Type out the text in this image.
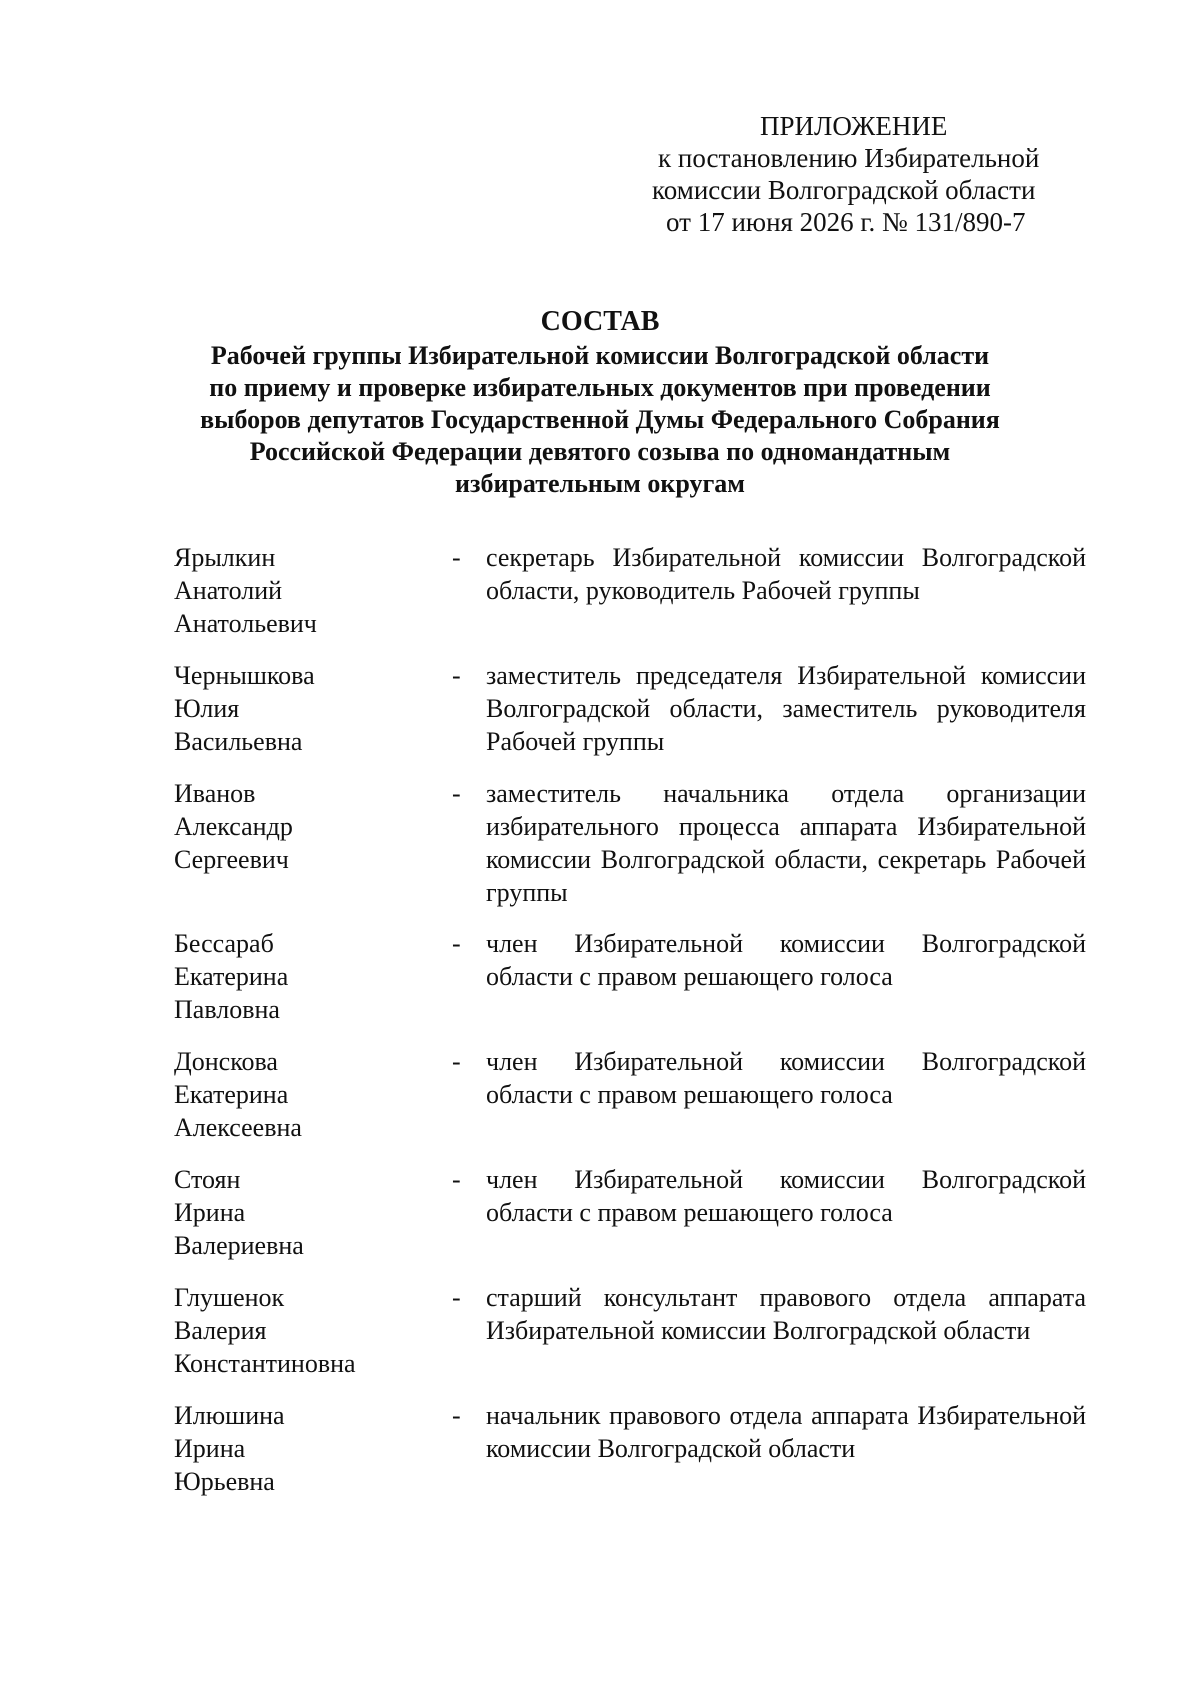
ПРИЛОЖЕНИЕ
к постановлению Избирательной
комиссии Волгоградской области
от 17 июня 2026 г. № 131/890-7
СОСТАВ
Рабочей группы Избирательной комиссии Волгоградской области
по приему и проверке избирательных документов при проведении
выборов депутатов Государственной Думы Федерального Собрания
Российской Федерации девятого созыва по одномандатным
избирательным округам
Ярылкин
Анатолий
Анатольевич
- секретарь Избирательной комиссии Волгоградской области, руководитель Рабочей группы
Чернышкова
Юлия
Васильевна
- заместитель председателя Избирательной комиссии Волгоградской области, заместитель руководителя Рабочей группы
Иванов
Александр
Сергеевич
- заместитель начальника отдела организации избирательного процесса аппарата Избирательной комиссии Волгоградской области, секретарь Рабочей группы
Бессараб
Екатерина
Павловна
- член Избирательной комиссии Волгоградской области с правом решающего голоса
Донскова
Екатерина
Алексеевна
- член Избирательной комиссии Волгоградской области с правом решающего голоса
Стоян
Ирина
Валериевна
- член Избирательной комиссии Волгоградской области с правом решающего голоса
Глушенок
Валерия
Константиновна
- старший консультант правового отдела аппарата Избирательной комиссии Волгоградской области
Илюшина
Ирина
Юрьевна
- начальник правового отдела аппарата Избирательной комиссии Волгоградской области
